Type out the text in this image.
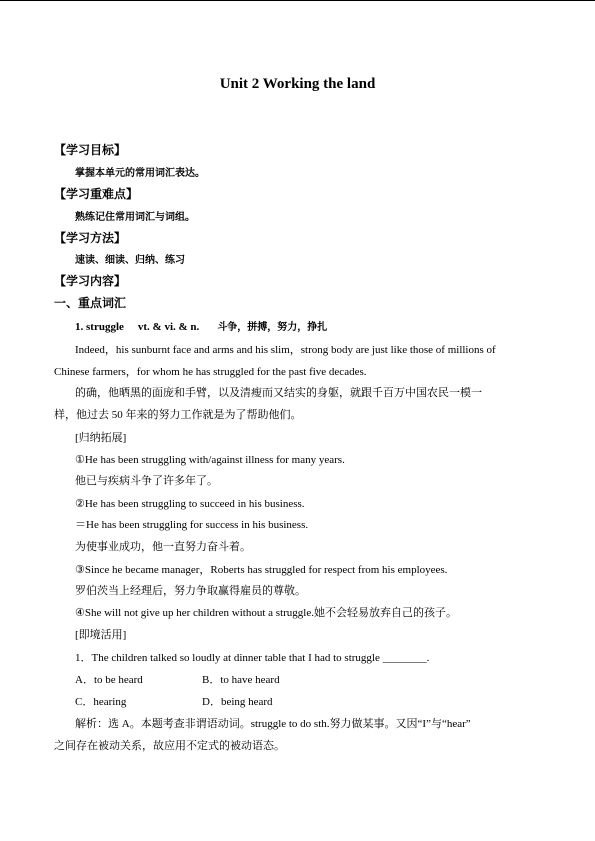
Unit 2 Working the land
【学习目标】
掌握本单元的常用词汇表达。
【学习重难点】
熟练记住常用词汇与词组。
【学习方法】
速读、细读、归纳、练习
【学习内容】
一、重点词汇
1. struggle vt. & vi. & n. 斗争，拼搏，努力，挣扎
Indeed，his sunburnt face and arms and his slim，strong body are just like those of millions of
Chinese farmers，for whom he has struggled for the past five decades.
的确，他晒黑的面庞和手臂，以及清瘦而又结实的身躯，就跟千百万中国农民一模一
样，他过去 50 年来的努力工作就是为了帮助他们。
[归纳拓展]
①He has been struggling with/against illness for many years.
他已与疾病斗争了许多年了。
②He has been struggling to succeed in his business.
＝He has been struggling for success in his business.
为使事业成功，他一直努力奋斗着。
③Since he became manager，Roberts has struggled for respect from his employees.
罗伯茨当上经理后，努力争取赢得雇员的尊敬。
④She will not give up her children without a struggle.她不会轻易放弃自己的孩子。
[即境活用]
1．The children talked so loudly at dinner table that I had to struggle ________.
A．to be heard	B．to have heard
C．hearing	D．being heard
解析：选 A。本题考查非谓语动词。struggle to do sth.努力做某事。又因“I”与“hear”
之间存在被动关系，故应用不定式的被动语态。
